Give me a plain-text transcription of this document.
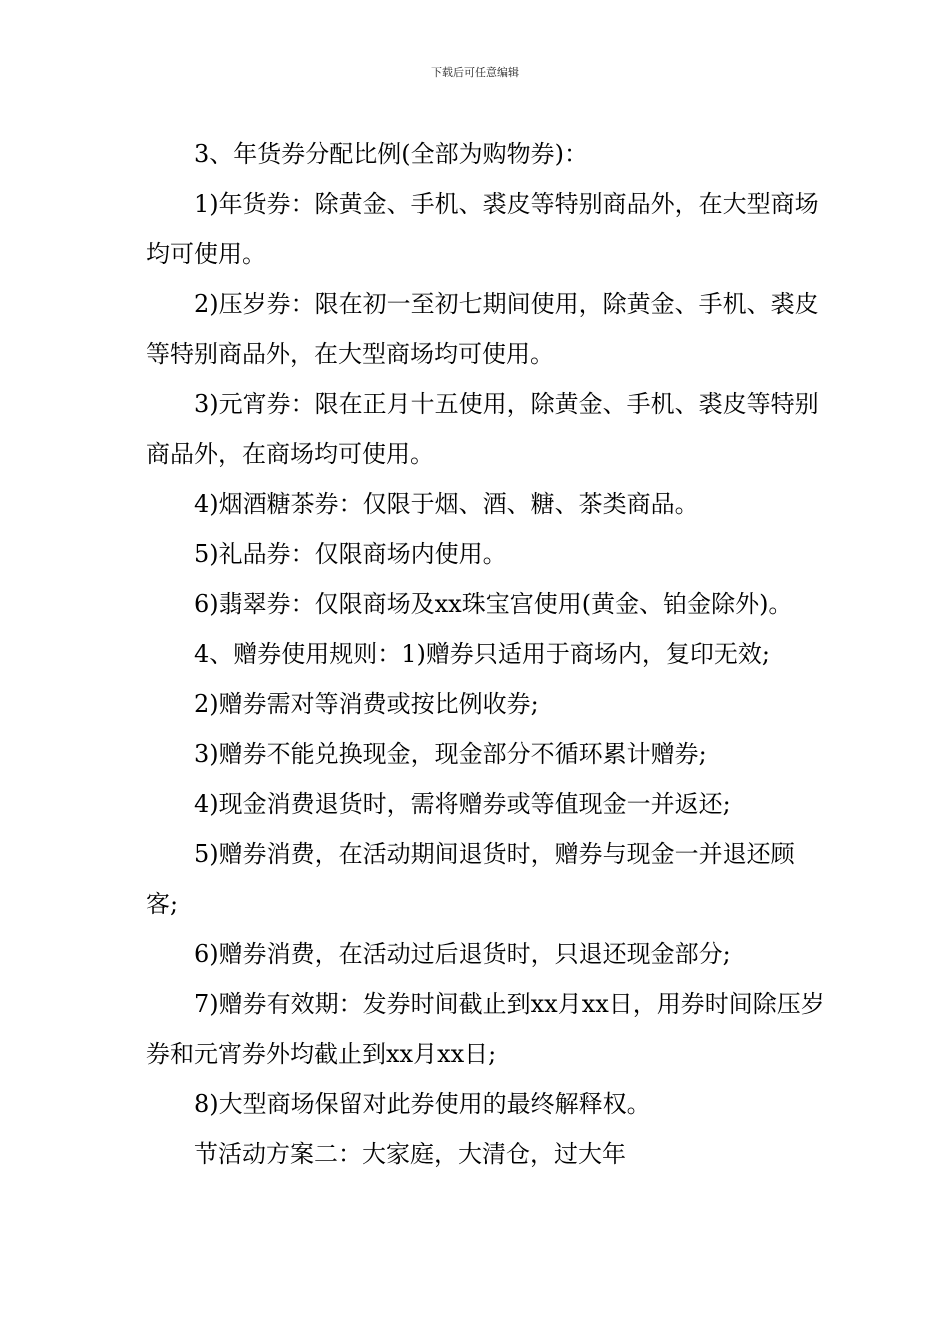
下载后可任意编辑

3、年货券分配比例(全部为购物券)：

1)年货券：除黄金、手机、裘皮等特别商品外，在大型商场均可使用。

2)压岁券：限在初一至初七期间使用，除黄金、手机、裘皮等特别商品外，在大型商场均可使用。

3)元宵券：限在正月十五使用，除黄金、手机、裘皮等特别商品外，在商场均可使用。

4)烟酒糖茶券：仅限于烟、酒、糖、茶类商品。

5)礼品券：仅限商场内使用。

6)翡翠券：仅限商场及xx珠宝宫使用(黄金、铂金除外)。

4、赠券使用规则：1)赠券只适用于商场内，复印无效;

2)赠券需对等消费或按比例收券;

3)赠券不能兑换现金，现金部分不循环累计赠券;

4)现金消费退货时，需将赠券或等值现金一并返还;

5)赠券消费，在活动期间退货时，赠券与现金一并退还顾客;

6)赠券消费，在活动过后退货时，只退还现金部分;

7)赠券有效期：发券时间截止到xx月xx日，用券时间除压岁券和元宵券外均截止到xx月xx日;

8)大型商场保留对此券使用的最终解释权。

节活动方案二：大家庭，大清仓，过大年
